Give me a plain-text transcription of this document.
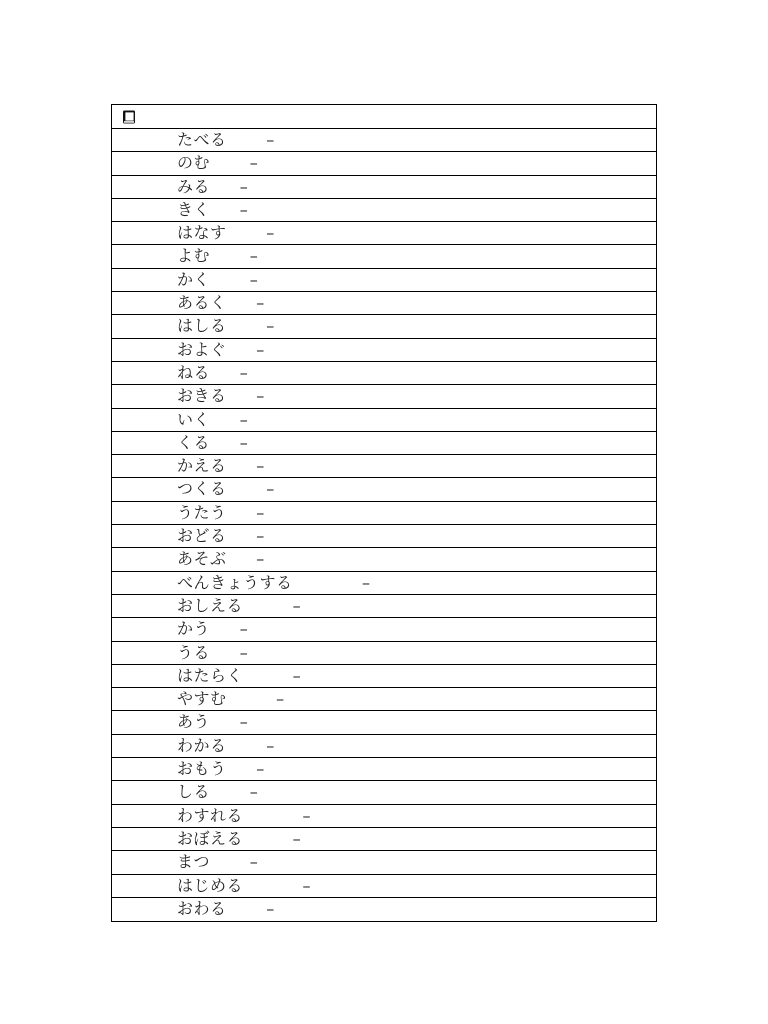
たべる –
のむ –
みる –
きく –
はなす –
よむ –
かく –
あるく –
はしる –
およぐ –
ねる –
おきる –
いく –
くる –
かえる –
つくる –
うたう –
おどる –
あそぶ –
べんきょうする	–
おしえる	–
かう –
うる –
はたらく	–
やすむ	–
あう –
わかる –
おもう –
しる –
わすれる	–
おぼえる	–
まつ –
はじめる	–
おわる –
